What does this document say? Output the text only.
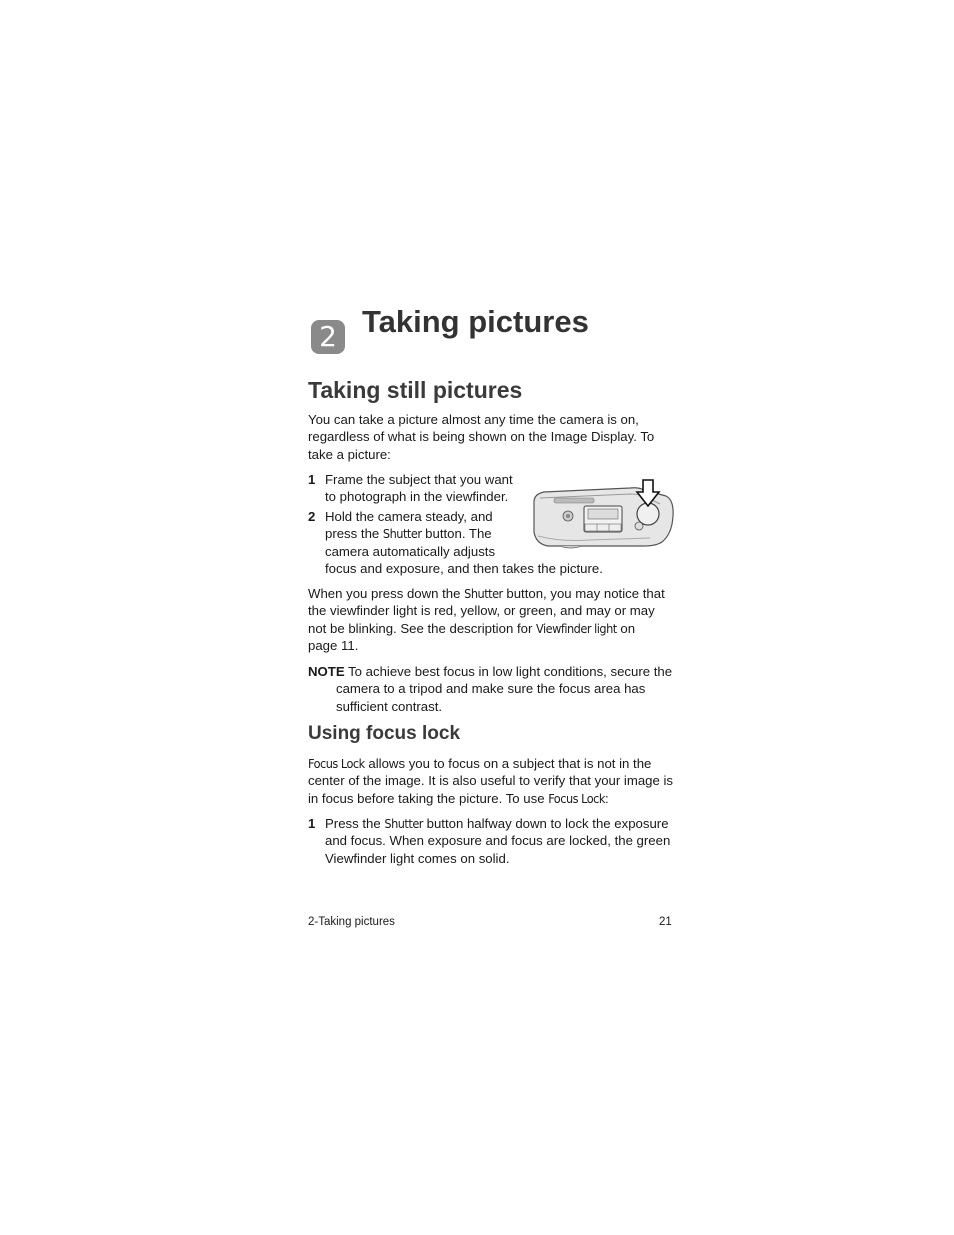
2 Taking pictures
Taking still pictures

You can take a picture almost any time the camera is on, regardless of what is being shown on the Image Display. To take a picture:

1 Frame the subject that you want
to photograph in the viewfinder.
2 Hold the camera steady, and
press the Shutter button. The
camera automatically adjusts
focus and exposure, and then takes the picture.

When you press down the Shutter button, you may notice that
the viewfinder light is red, yellow, or green, and may or may
not be blinking. See the description for Viewfinder light on
page 11.

NOTE To achieve best focus in low light conditions, secure the
camera to a tripod and make sure the focus area has
sufficient contrast.
Using focus lock

Focus Lock allows you to focus on a subject that is not in the
center of the image. It is also useful to verify that your image is
in focus before taking the picture. To use Focus Lock:

1 Press the Shutter button halfway down to lock the exposure
and focus. When exposure and focus are locked, the green
Viewfinder light comes on solid.
2-Taking pictures	21
